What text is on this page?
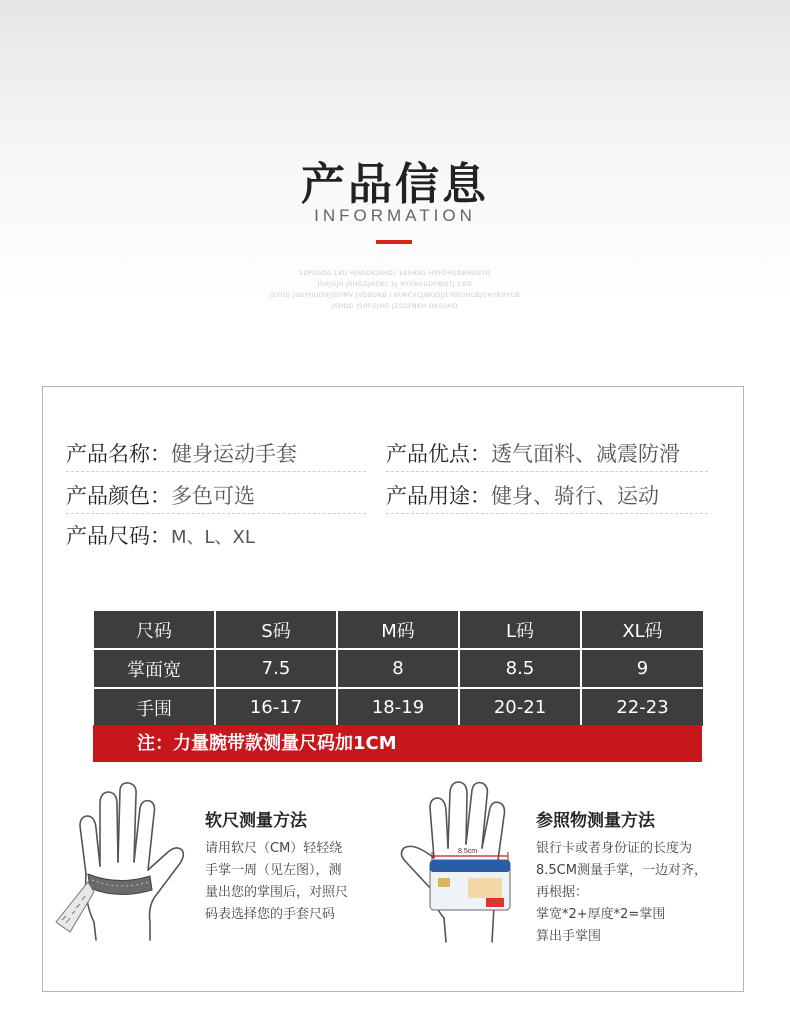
产品信息
INFORMATION
SDFSGDG LKU HJSGDKJAHDL LKSHSG HSFDHGDBHGSYD
JSHJGJH JSHGDJHGKL SJ HYSAGUDYWGTJ CDD
JSYHG JUSYHGDHJJDVMV JVDBUNB I BUKCVCJNKJDJJEYBUIHGBJUHYBHYGB
JSHDG JSHFGJHG JZSDFNKH DKSUHD
产品名称：健身运动手套	产品优点：透气面料、减震防滑
产品颜色：多色可选	产品用途：健身、骑行、运动
产品尺码：M、L、XL
尺码	S码	M码	L码	XL码
掌面宽	7.5	8	8.5	9
手围	16-17	18-19	20-21	22-23
注：力量腕带款测量尺码加1CM
软尺测量方法
请用软尺（CM）轻轻绕
手掌一周（见左图），测
量出您的掌围后，对照尺
码表选择您的手套尺码
8.5cm
参照物测量方法
银行卡或者身份证的长度为
8.5CM测量手掌，一边对齐，
再根据：
掌宽*2+厚度*2=掌围
算出手掌围
